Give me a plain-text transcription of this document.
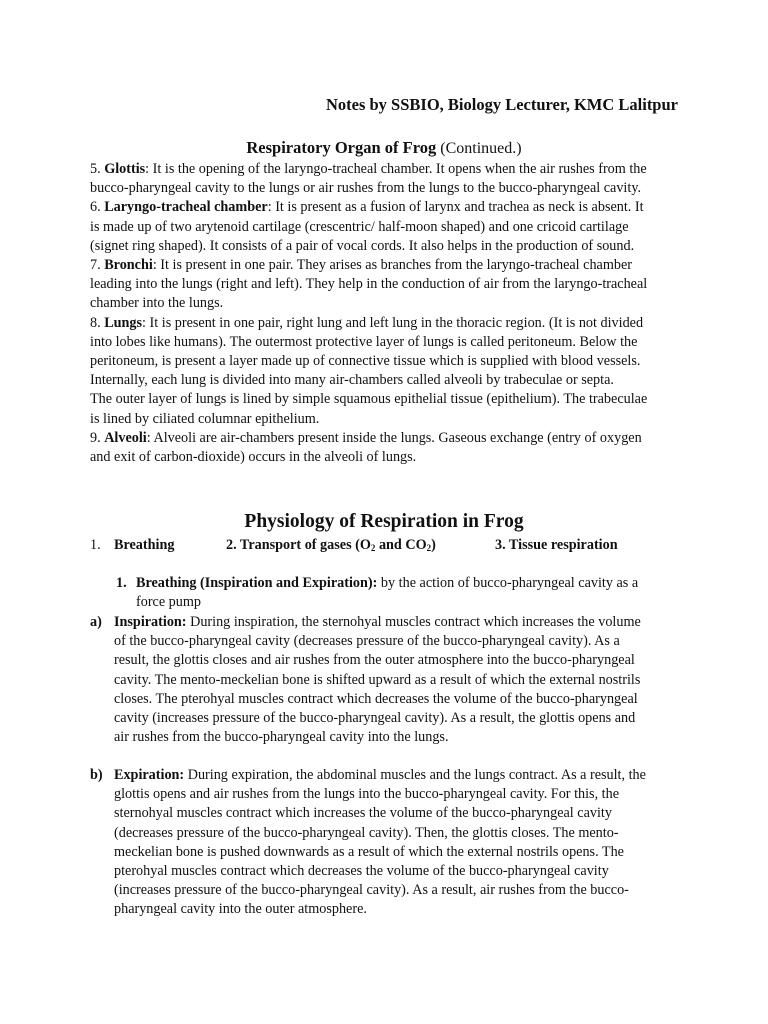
Notes by SSBIO, Biology Lecturer, KMC Lalitpur
Respiratory Organ of Frog (Continued.)

5. Glottis: It is the opening of the laryngo-tracheal chamber. It opens when the air rushes from the

bucco-pharyngeal cavity to the lungs or air rushes from the lungs to the bucco-pharyngeal cavity.

6. Laryngo-tracheal chamber: It is present as a fusion of larynx and trachea as neck is absent. It

is made up of two arytenoid cartilage (crescentric/ half-moon shaped) and one cricoid cartilage

(signet ring shaped). It consists of a pair of vocal cords. It also helps in the production of sound.

7. Bronchi: It is present in one pair. They arises as branches from the laryngo-tracheal chamber

leading into the lungs (right and left). They help in the conduction of air from the laryngo-tracheal

chamber into the lungs.

8. Lungs: It is present in one pair, right lung and left lung in the thoracic region. (It is not divided

into lobes like humans). The outermost protective layer of lungs is called peritoneum. Below the

peritoneum, is present a layer made up of connective tissue which is supplied with blood vessels.

Internally, each lung is divided into many air-chambers called alveoli by trabeculae or septa.

The outer layer of lungs is lined by simple squamous epithelial tissue (epithelium). The trabeculae

is lined by ciliated columnar epithelium.

9. Alveoli: Alveoli are air-chambers present inside the lungs. Gaseous exchange (entry of oxygen

and exit of carbon-dioxide) occurs in the alveoli of lungs.

Physiology of Respiration in Frog
1. Breathing	2. Transport of gases ($O_2$ and $CO_2$)	3. Tissue respiration

1. Breathing (Inspiration and Expiration): by the action of bucco-pharyngeal cavity as a

force pump

a) Inspiration: During inspiration, the sternohyal muscles contract which increases the volume
of the bucco-pharyngeal cavity (decreases pressure of the bucco-pharyngeal cavity). As a
result, the glottis closes and air rushes from the outer atmosphere into the bucco-pharyngeal
cavity. The mento-meckelian bone is shifted upward as a result of which the external nostrils
closes. The pterohyal muscles contract which decreases the volume of the bucco-pharyngeal
cavity (increases pressure of the bucco-pharyngeal cavity). As a result, the glottis opens and
air rushes from the bucco-pharyngeal cavity into the lungs.
b) Expiration: During expiration, the abdominal muscles and the lungs contract. As a result, the
glottis opens and air rushes from the lungs into the bucco-pharyngeal cavity. For this, the
sternohyal muscles contract which increases the volume of the bucco-pharyngeal cavity
(decreases pressure of the bucco-pharyngeal cavity). Then, the glottis closes. The mento-
meckelian bone is pushed downwards as a result of which the external nostrils opens. The
pterohyal muscles contract which decreases the volume of the bucco-pharyngeal cavity
(increases pressure of the bucco-pharyngeal cavity). As a result, air rushes from the bucco-
pharyngeal cavity into the outer atmosphere.
